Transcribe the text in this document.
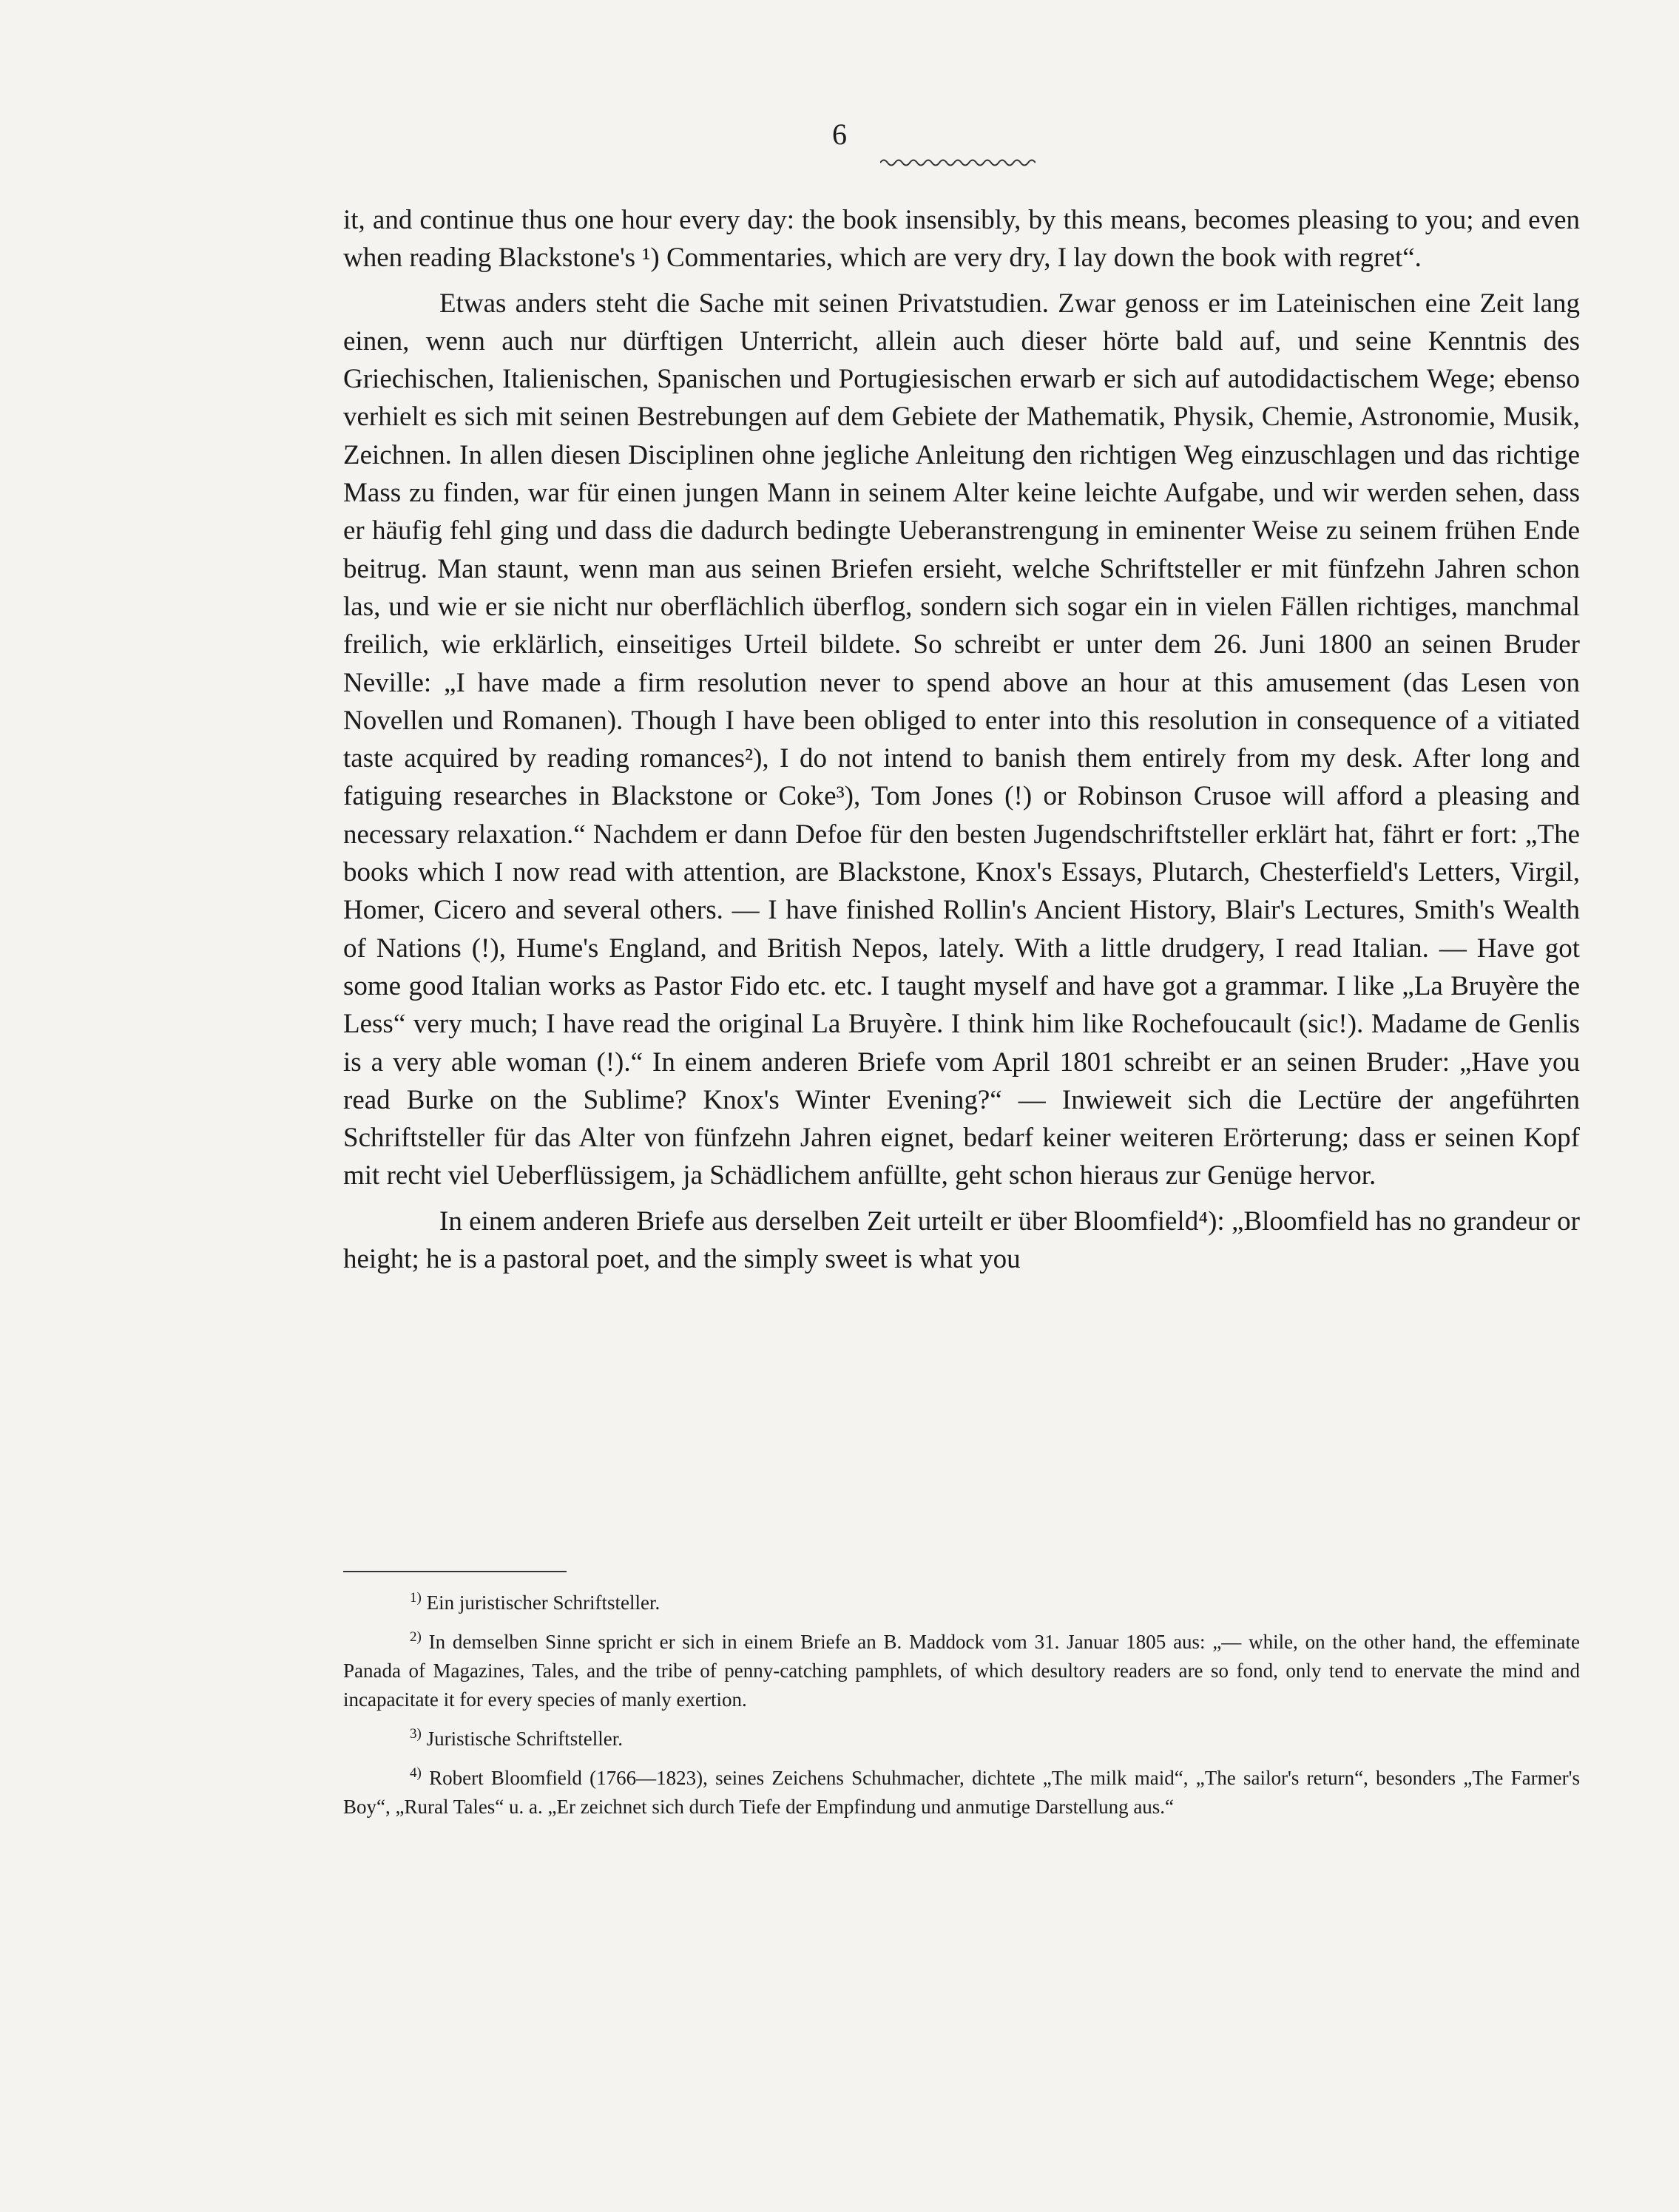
6

it, and continue thus one hour every day: the book insensibly, by this means, becomes pleasing to you; and even when reading Blackstone's ¹) Commentaries, which are very dry, I lay down the book with regret“.

Etwas anders steht die Sache mit seinen Privatstudien. Zwar genoss er im Lateinischen eine Zeit lang einen, wenn auch nur dürftigen Unterricht, allein auch dieser hörte bald auf, und seine Kenntnis des Griechischen, Italienischen, Spanischen und Portugiesischen erwarb er sich auf autodidactischem Wege; ebenso verhielt es sich mit seinen Bestrebungen auf dem Gebiete der Mathematik, Physik, Chemie, Astronomie, Musik, Zeichnen. In allen diesen Disciplinen ohne jegliche Anleitung den richtigen Weg einzuschlagen und das richtige Mass zu finden, war für einen jungen Mann in seinem Alter keine leichte Aufgabe, und wir werden sehen, dass er häufig fehl ging und dass die dadurch bedingte Ueberanstrengung in eminenter Weise zu seinem frühen Ende beitrug. Man staunt, wenn man aus seinen Briefen ersieht, welche Schriftsteller er mit fünfzehn Jahren schon las, und wie er sie nicht nur oberflächlich überflog, sondern sich sogar ein in vielen Fällen richtiges, manchmal freilich, wie erklärlich, einseitiges Urteil bildete. So schreibt er unter dem 26. Juni 1800 an seinen Bruder Neville: „I have made a firm resolution never to spend above an hour at this amusement (das Lesen von Novellen und Romanen). Though I have been obliged to enter into this resolution in consequence of a vitiated taste acquired by reading romances²), I do not intend to banish them entirely from my desk. After long and fatiguing researches in Blackstone or Coke³), Tom Jones (!) or Robinson Crusoe will afford a pleasing and necessary relaxation.“ Nachdem er dann Defoe für den besten Jugendschriftsteller erklärt hat, fährt er fort: „The books which I now read with attention, are Blackstone, Knox's Essays, Plutarch, Chesterfield's Letters, Virgil, Homer, Cicero and several others. — I have finished Rollin's Ancient History, Blair's Lectures, Smith's Wealth of Nations (!), Hume's England, and British Nepos, lately. With a little drudgery, I read Italian. — Have got some good Italian works as Pastor Fido etc. etc. I taught myself and have got a grammar. I like „La Bruyère the Less“ very much; I have read the original La Bruyère. I think him like Rochefoucault (sic!). Madame de Genlis is a very able woman (!).“ In einem anderen Briefe vom April 1801 schreibt er an seinen Bruder: „Have you read Burke on the Sublime? Knox's Winter Evening?“ — Inwieweit sich die Lectüre der angeführten Schriftsteller für das Alter von fünfzehn Jahren eignet, bedarf keiner weiteren Erörterung; dass er seinen Kopf mit recht viel Ueberflüssigem, ja Schädlichem anfüllte, geht schon hieraus zur Genüge hervor.

In einem anderen Briefe aus derselben Zeit urteilt er über Bloomfield⁴): „Bloomfield has no grandeur or height; he is a pastoral poet, and the simply sweet is what you

$^{1)}$ Ein juristischer Schriftsteller.

$^{2)}$ In demselben Sinne spricht er sich in einem Briefe an B. Maddock vom 31. Januar 1805 aus: „— while, on the other hand, the effeminate Panada of Magazines, Tales, and the tribe of penny-catching pamphlets, of which desultory readers are so fond, only tend to enervate the mind and incapacitate it for every species of manly exertion.

$^{3)}$ Juristische Schriftsteller.

$^{4)}$ Robert Bloomfield (1766—1823), seines Zeichens Schuhmacher, dichtete „The milk maid“, „The sailor's return“, besonders „The Farmer's Boy“, „Rural Tales“ u. a. „Er zeichnet sich durch Tiefe der Empfindung und anmutige Darstellung aus.“
